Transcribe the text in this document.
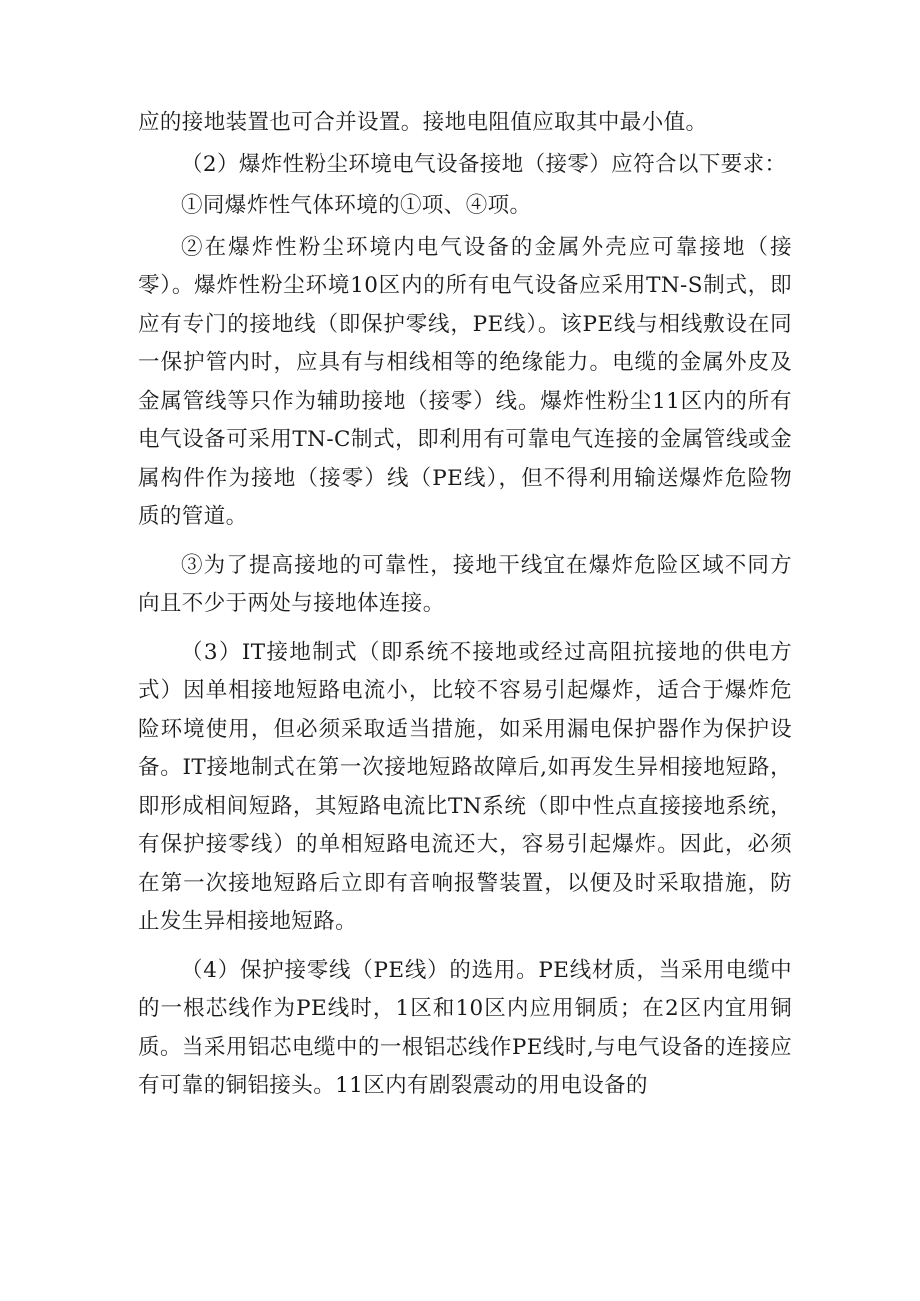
应的接地装置也可合并设置。接地电阻值应取其中最小值。

（2）爆炸性粉尘环境电气设备接地（接零）应符合以下要求：

①同爆炸性气体环境的①项、④项。

②在爆炸性粉尘环境内电气设备的金属外壳应可靠接地（接零）。爆炸性粉尘环境10区内的所有电气设备应采用TN-S制式，即应有专门的接地线（即保护零线，PE线）。该PE线与相线敷设在同一保护管内时，应具有与相线相等的绝缘能力。电缆的金属外皮及金属管线等只作为辅助接地（接零）线。爆炸性粉尘11区内的所有电气设备可采用TN-C制式，即利用有可靠电气连接的金属管线或金属构件作为接地（接零）线（PE线），但不得利用输送爆炸危险物质的管道。

③为了提高接地的可靠性，接地干线宜在爆炸危险区域不同方向且不少于两处与接地体连接。

（3）IT接地制式（即系统不接地或经过高阻抗接地的供电方式）因单相接地短路电流小，比较不容易引起爆炸，适合于爆炸危险环境使用，但必须采取适当措施，如采用漏电保护器作为保护设备。IT接地制式在第一次接地短路故障后,如再发生异相接地短路，即形成相间短路，其短路电流比TN系统（即中性点直接接地系统，有保护接零线）的单相短路电流还大，容易引起爆炸。因此，必须在第一次接地短路后立即有音响报警装置，以便及时采取措施，防止发生异相接地短路。

（4）保护接零线（PE线）的选用。PE线材质，当采用电缆中的一根芯线作为PE线时，1区和10区内应用铜质；在2区内宜用铜质。当采用铝芯电缆中的一根铝芯线作PE线时,与电气设备的连接应有可靠的铜铝接头。11区内有剧裂震动的用电设备的
